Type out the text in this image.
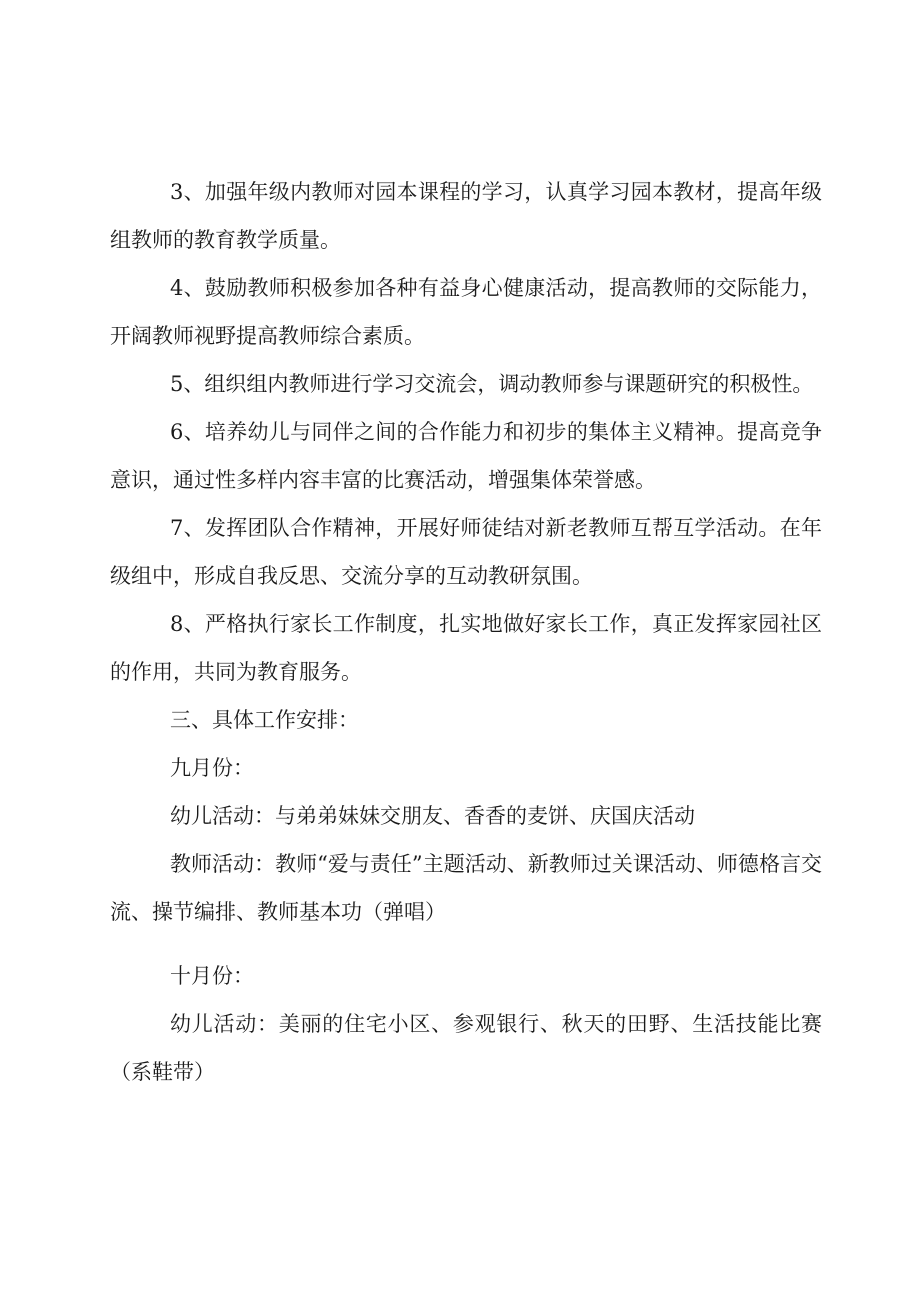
3、加强年级内教师对园本课程的学习，认真学习园本教材，提高年级组教师的教育教学质量。

4、鼓励教师积极参加各种有益身心健康活动，提高教师的交际能力，开阔教师视野提高教师综合素质。

5、组织组内教师进行学习交流会，调动教师参与课题研究的积极性。

6、培养幼儿与同伴之间的合作能力和初步的集体主义精神。提高竞争意识，通过性多样内容丰富的比赛活动，增强集体荣誉感。

7、发挥团队合作精神，开展好师徒结对新老教师互帮互学活动。在年级组中，形成自我反思、交流分享的互动教研氛围。

8、严格执行家长工作制度，扎实地做好家长工作，真正发挥家园社区的作用，共同为教育服务。

三、具体工作安排：

九月份：

幼儿活动：与弟弟妹妹交朋友、香香的麦饼、庆国庆活动

教师活动：教师“爱与责任”主题活动、新教师过关课活动、师德格言交流、操节编排、教师基本功（弹唱）

十月份：

幼儿活动：美丽的住宅小区、参观银行、秋天的田野、生活技能比赛（系鞋带）
